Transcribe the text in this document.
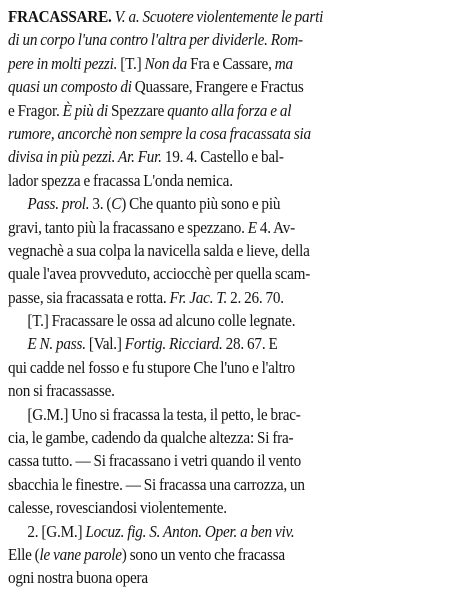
FRACASSARE. V. a. Scuotere violentemente le parti
di un corpo l'una contro l'altra per dividerle. Rom-
pere in molti pezzi. [T.] Non da Fra e Cassare, ma
quasi un composto di Quassare, Frangere e Fractus
e Fragor. È più di Spezzare quanto alla forza e al
rumore, ancorchè non sempre la cosa fracassata sia
divisa in più pezzi. Ar. Fur. 19. 4. Castello e bal-
lador spezza e fracassa L'onda nemica.
Pass. prol. 3. (C) Che quanto più sono e più
gravi, tanto più la fracassano e spezzano. E 4. Av-
vegnachè a sua colpa la navicella salda e lieve, della
quale l'avea provveduto, acciocchè per quella scam-
passe, sia fracassata e rotta. Fr. Jac. T. 2. 26. 70.
[T.] Fracassare le ossa ad alcuno colle legnate.
E N. pass. [Val.] Fortig. Ricciard. 28. 67. E
qui cadde nel fosso e fu stupore Che l'uno e l'altro
non si fracassasse.
[G.M.] Uno si fracassa la testa, il petto, le brac-
cia, le gambe, cadendo da qualche altezza: Si fra-
cassa tutto. — Si fracassano i vetri quando il vento
sbacchia le finestre. — Si fracassa una carrozza, un
calesse, rovesciandosi violentemente.
2. [G.M.] Locuz. fig. S. Anton. Oper. a ben viv.
Elle (le vane parole) sono un vento che fracassa
ogni nostra buona opera
